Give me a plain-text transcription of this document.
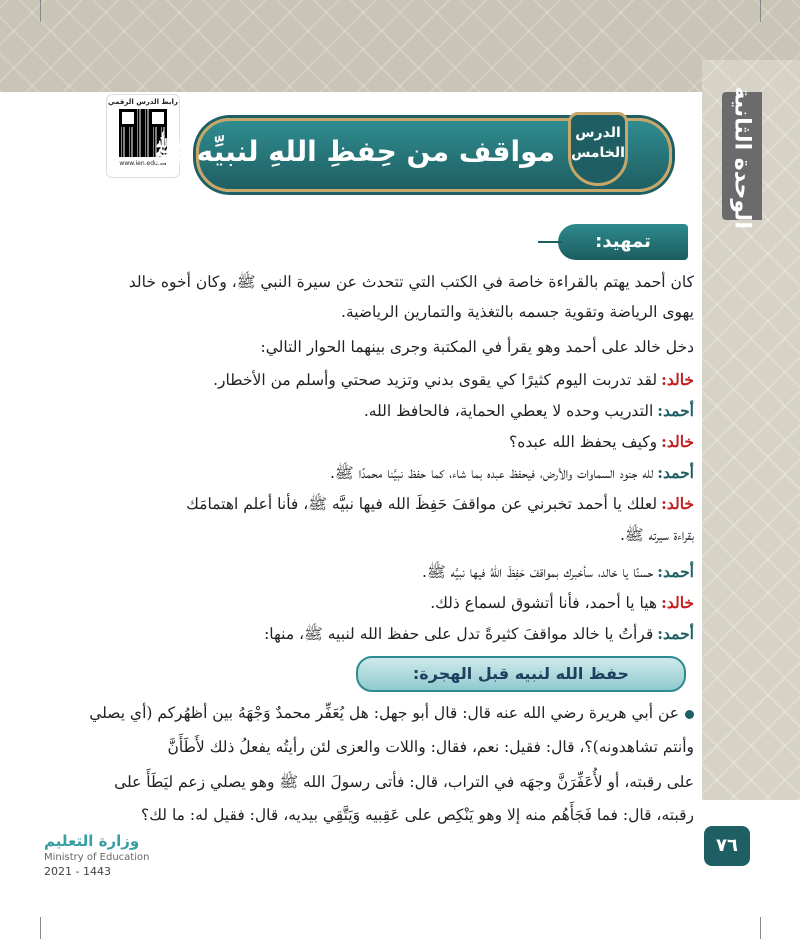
الوحدة الثانية
رابط الدرس الرقمي
www.ien.edu.sa
مواقف من حِفظِ اللهِ لنبيِّه ﷺ
الدرس
الخامس
تمهيد:
كان أحمد يهتم بالقراءة خاصة في الكتب التي تتحدث عن سيرة النبي ﷺ، وكان أخوه خالد
يهوى الرياضة وتقوية جسمه بالتغذية والتمارين الرياضية.
دخل خالد على أحمد وهو يقرأ في المكتبة وجرى بينهما الحوار التالي:
خالد:لقد تدربت اليوم كثيرًا كي يقوى بدني وتزيد صحتي وأسلم من الأخطار.
أحمد:التدريب وحده لا يعطي الحماية، فالحافظ الله.
خالد:وكيف يحفظ الله عبده؟
أحمد:لله جنود السماوات والأرض، فيحفظ عبده بما شاء، كما حفظ نبيَّنا محمدًا ﷺ.
خالد:لعلك يا أحمد تخبرني عن مواقفَ حَفِظَ الله فيها نبيَّه ﷺ، فأنا أعلم اهتمامَك
بقراءة سيرته ﷺ.
أحمد:حسنًا يا خالد، سأخبرك بمواقفَ حَفِظَ اللهُ فيها نبيَّه ﷺ.
خالد:هيا يا أحمد، فأنا أتشوق لسماع ذلك.
أحمد:قرأتُ يا خالد مواقفَ كثيرةً تدل على حفظ الله لنبيه ﷺ، منها:
حفظ الله لنبيه قبل الهجرة:
عن أبي هريرة رضي الله عنه قال: قال أبو جهل: هل يُعَفِّر محمدٌ وَجْهَهُ بين أظهُركم (أي يصلي
وأنتم تشاهدونه)؟، قال: فقيل: نعم، فقال: واللات والعزى لئن رأيتُه يفعلُ ذلك لأَطَأَنَّ
على رقبته، أو لأُعَفِّرَنَّ وجهَه في التراب، قال: فأتى رسولَ الله ﷺ وهو يصلي زعم ليَطَأَ على
رقبته، قال: فما فَجَأَهُم منه إلا وهو يَنْكِص على عَقِبيه وَيَتَّقِي بيديه، قال: فقيل له: ما لك؟
٧٦
وزارة التعليم
Ministry of Education
2021 - 1443
